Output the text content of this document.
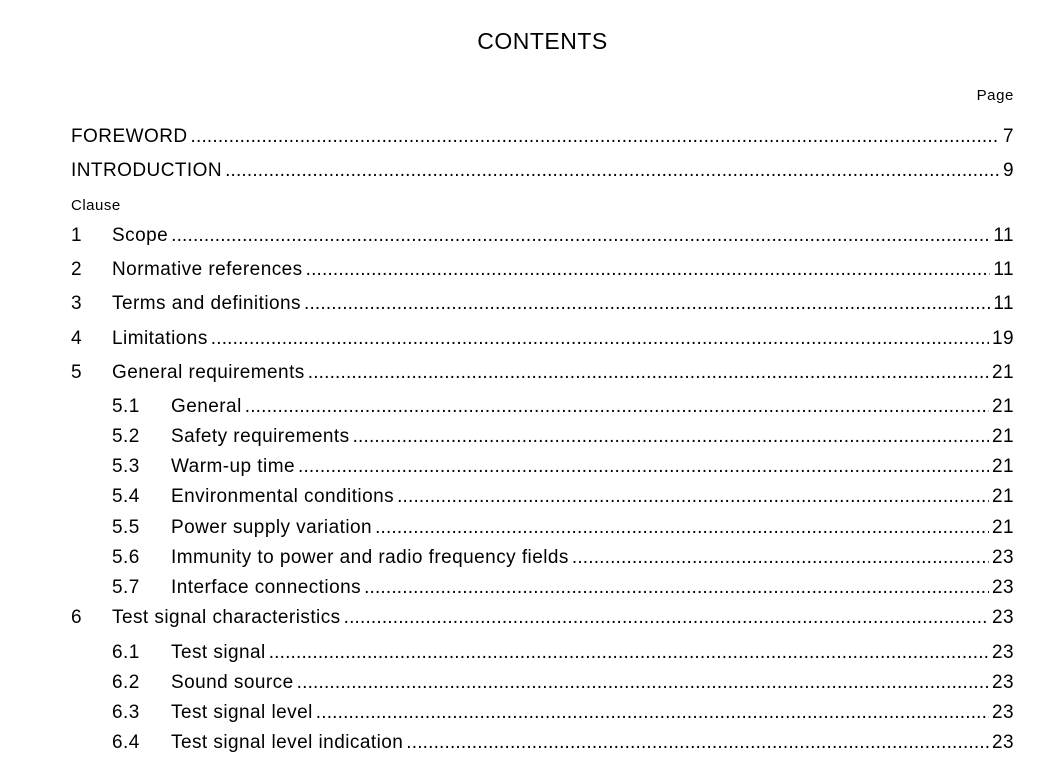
CONTENTS
Page
FOREWORD . . .	7
INTRODUCTION . . .	9
Clause
1	Scope . . .	11
2	Normative references . . .	11
3	Terms and definitions . . .	11
4	Limitations . . .	19
5	General requirements . . .	21
5.1	General . . .	21
5.2	Safety requirements . . .	21
5.3	Warm-up time . . .	21
5.4	Environmental conditions . . .	21
5.5	Power supply variation . . .	21
5.6	Immunity to power and radio frequency fields . . .	23
5.7	Interface connections . . .	23
6	Test signal characteristics . . .	23
6.1	Test signal . . .	23
6.2	Sound source . . .	23
6.3	Test signal level . . .	23
6.4	Test signal level indication . . .	23
